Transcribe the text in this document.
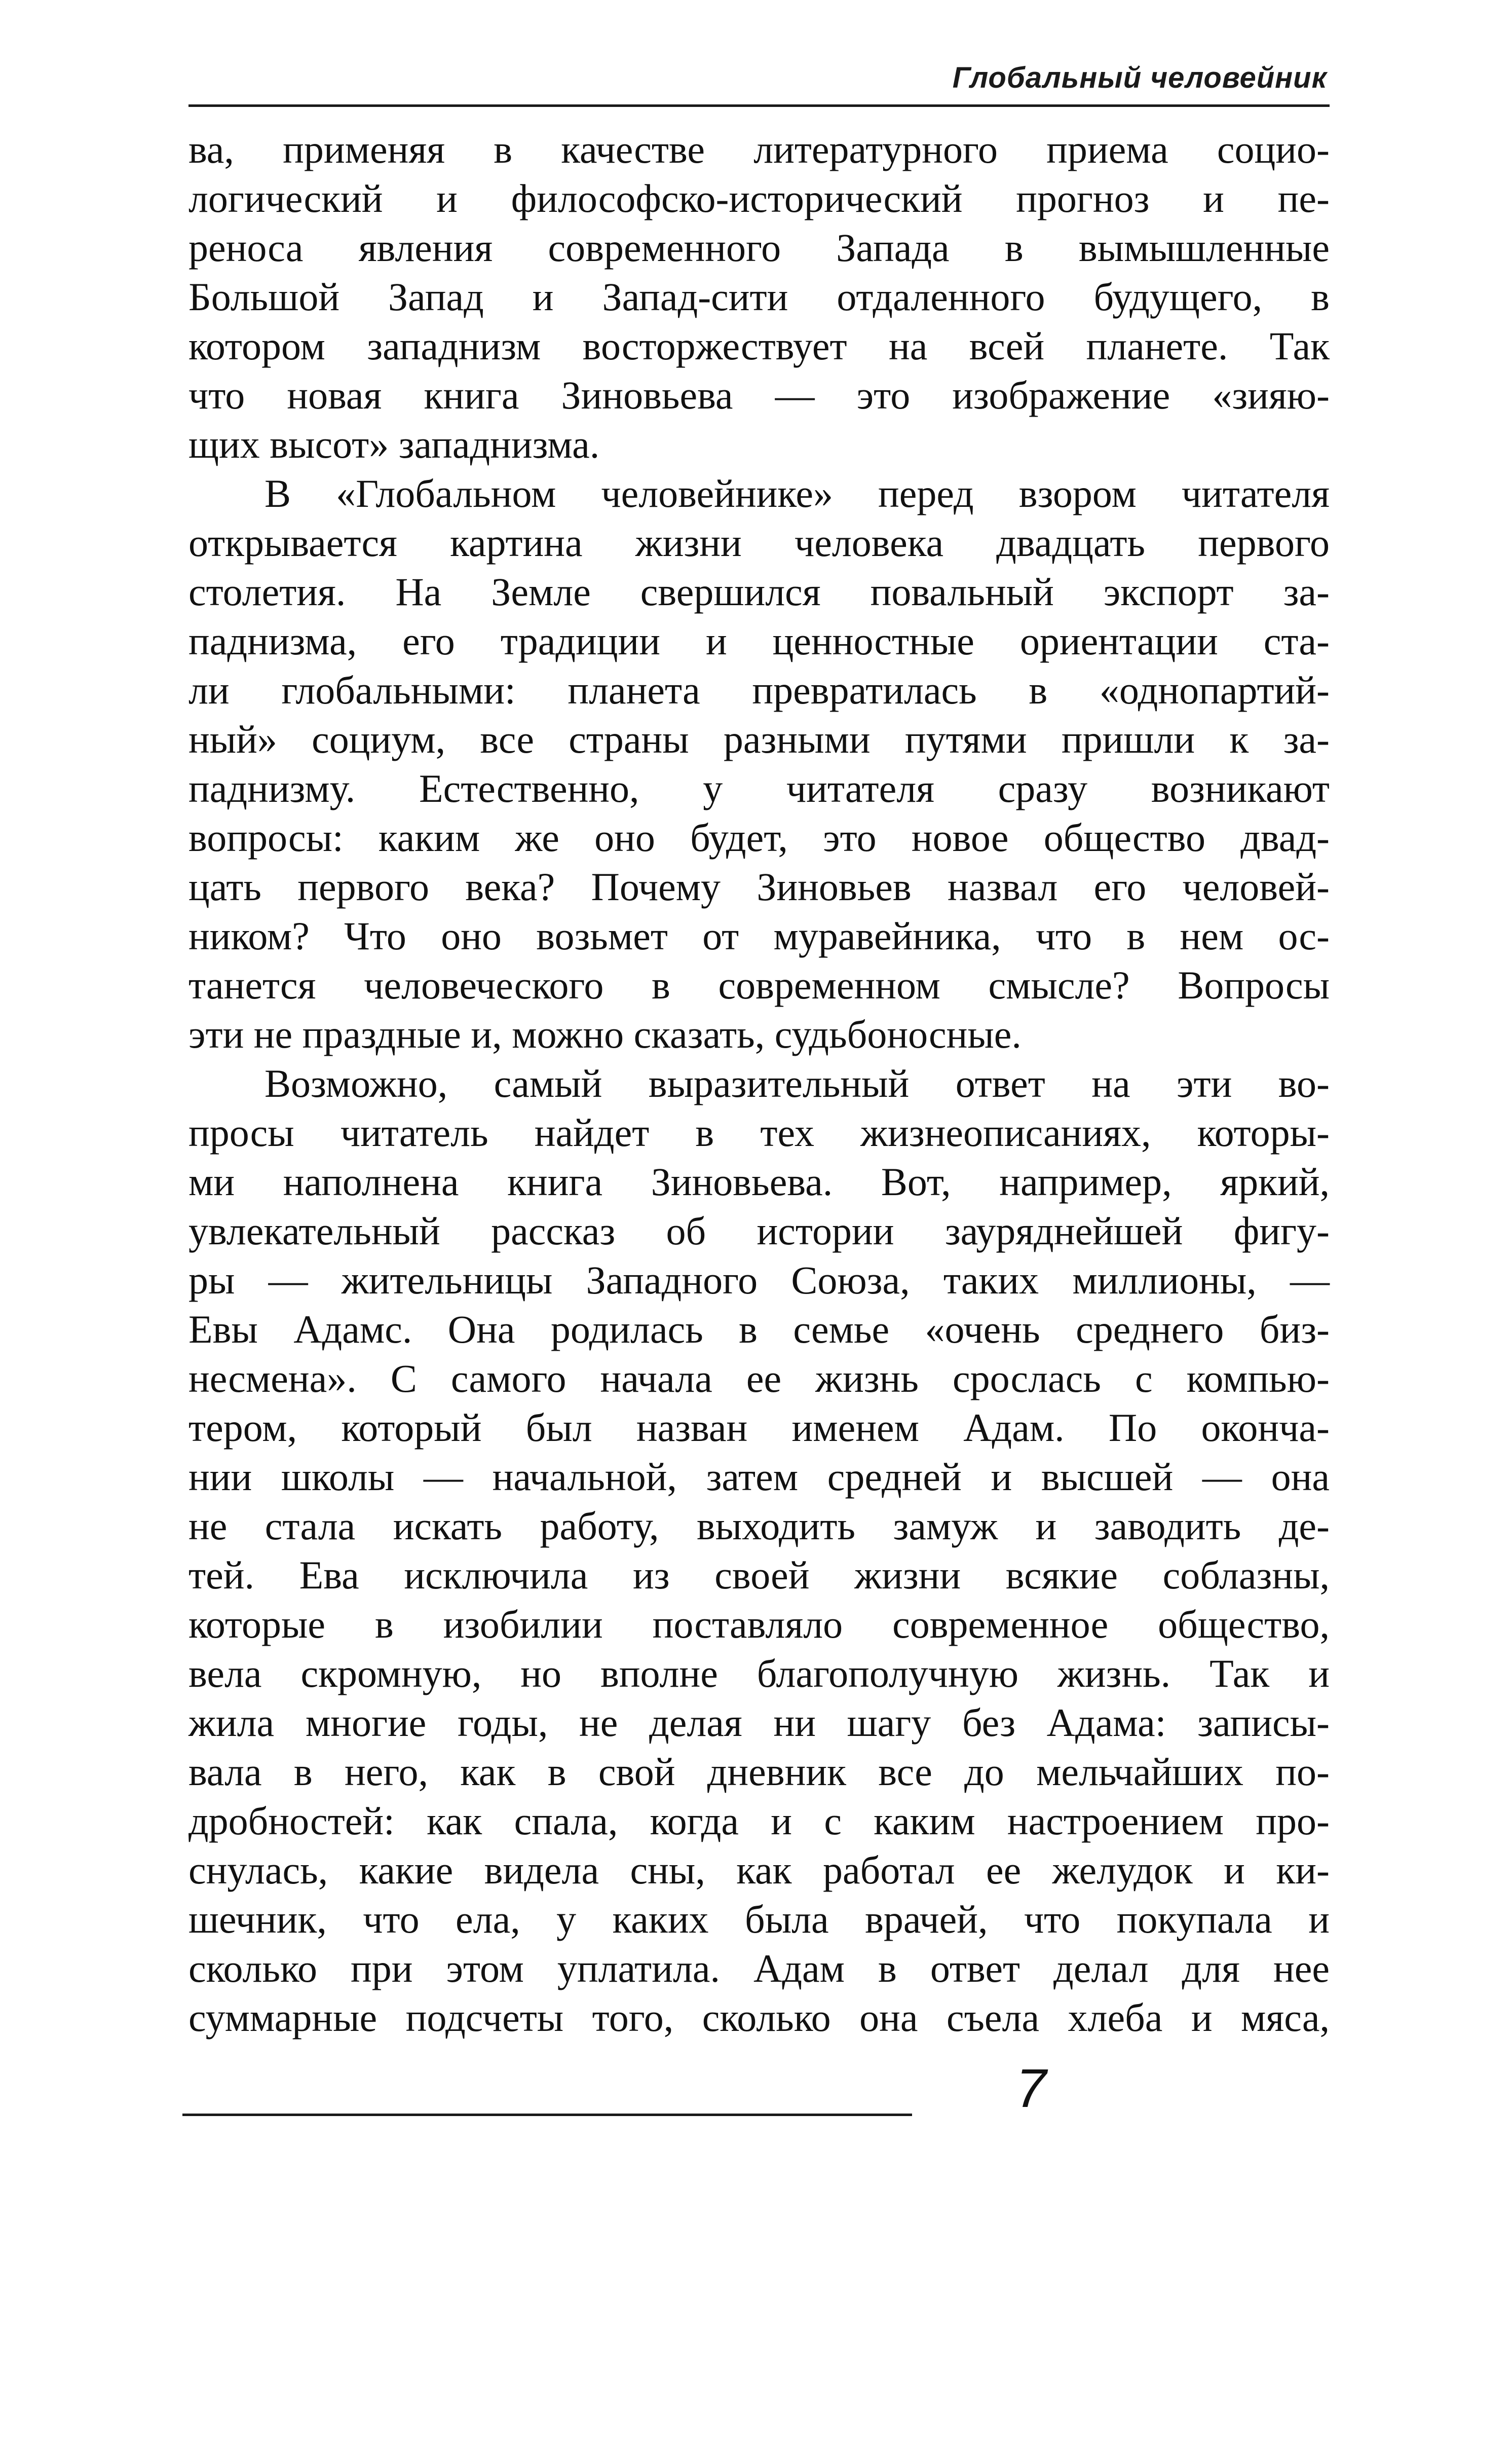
Глобальный человейник
ва, применяя в качестве литературного приема социо-
логический и философско-исторический прогноз и пе-
реноса явления современного Запада в вымышленные
Большой Запад и Запад-сити отдаленного будущего, в
котором западнизм восторжествует на всей планете. Так
что новая книга Зиновьева — это изображение «зияю-
щих высот» западнизма.
В «Глобальном человейнике» перед взором читателя
открывается картина жизни человека двадцать первого
столетия. На Земле свершился повальный экспорт за-
паднизма, его традиции и ценностные ориентации ста-
ли глобальными: планета превратилась в «однопартий-
ный» социум, все страны разными путями пришли к за-
паднизму. Естественно, у читателя сразу возникают
вопросы: каким же оно будет, это новое общество двад-
цать первого века? Почему Зиновьев назвал его человей-
ником? Что оно возьмет от муравейника, что в нем ос-
танется человеческого в современном смысле? Вопросы
эти не праздные и, можно сказать, судьбоносные.
Возможно, самый выразительный ответ на эти во-
просы читатель найдет в тех жизнеописаниях, которы-
ми наполнена книга Зиновьева. Вот, например, яркий,
увлекательный рассказ об истории зауряднейшей фигу-
ры — жительницы Западного Союза, таких миллионы, —
Евы Адамс. Она родилась в семье «очень среднего биз-
несмена». С самого начала ее жизнь срослась с компью-
тером, который был назван именем Адам. По оконча-
нии школы — начальной, затем средней и высшей — она
не стала искать работу, выходить замуж и заводить де-
тей. Ева исключила из своей жизни всякие соблазны,
которые в изобилии поставляло современное общество,
вела скромную, но вполне благополучную жизнь. Так и
жила многие годы, не делая ни шагу без Адама: записы-
вала в него, как в свой дневник все до мельчайших по-
дробностей: как спала, когда и с каким настроением про-
снулась, какие видела сны, как работал ее желудок и ки-
шечник, что ела, у каких была врачей, что покупала и
сколько при этом уплатила. Адам в ответ делал для нее
суммарные подсчеты того, сколько она съела хлеба и мяса,
7
